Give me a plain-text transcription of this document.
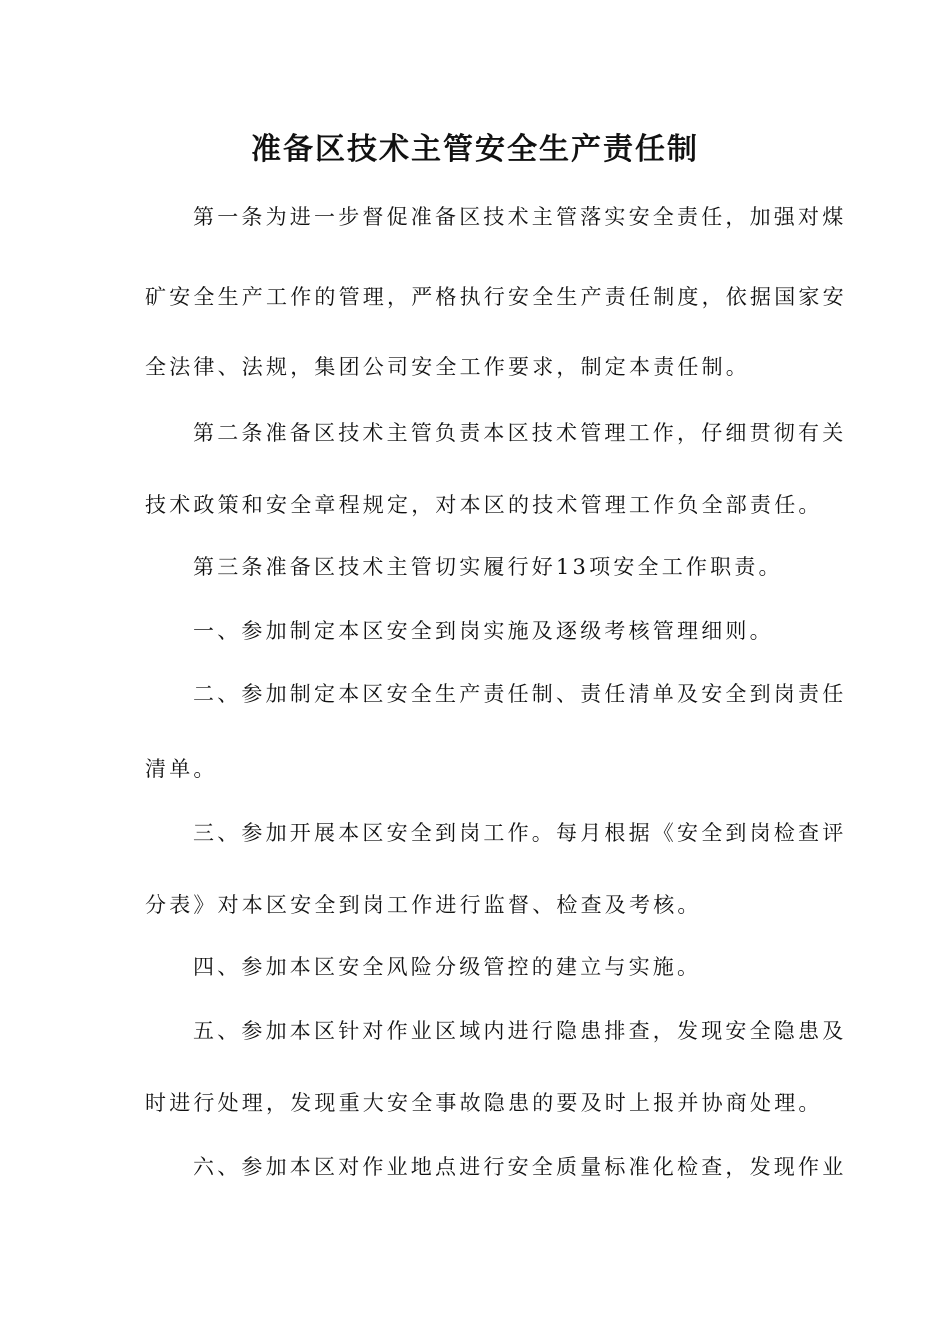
准备区技术主管安全生产责任制
第一条为进一步督促准备区技术主管落实安全责任，加强对煤
矿安全生产工作的管理，严格执行安全生产责任制度，依据国家安
全法律、法规，集团公司安全工作要求，制定本责任制。
第二条准备区技术主管负责本区技术管理工作，仔细贯彻有关
技术政策和安全章程规定，对本区的技术管理工作负全部责任。
第三条准备区技术主管切实履行好13项安全工作职责。
一、参加制定本区安全到岗实施及逐级考核管理细则。
二、参加制定本区安全生产责任制、责任清单及安全到岗责任
清单。
三、参加开展本区安全到岗工作。每月根据《安全到岗检查评
分表》对本区安全到岗工作进行监督、检查及考核。
四、参加本区安全风险分级管控的建立与实施。
五、参加本区针对作业区域内进行隐患排查，发现安全隐患及
时进行处理，发现重大安全事故隐患的要及时上报并协商处理。
六、参加本区对作业地点进行安全质量标准化检查，发现作业
